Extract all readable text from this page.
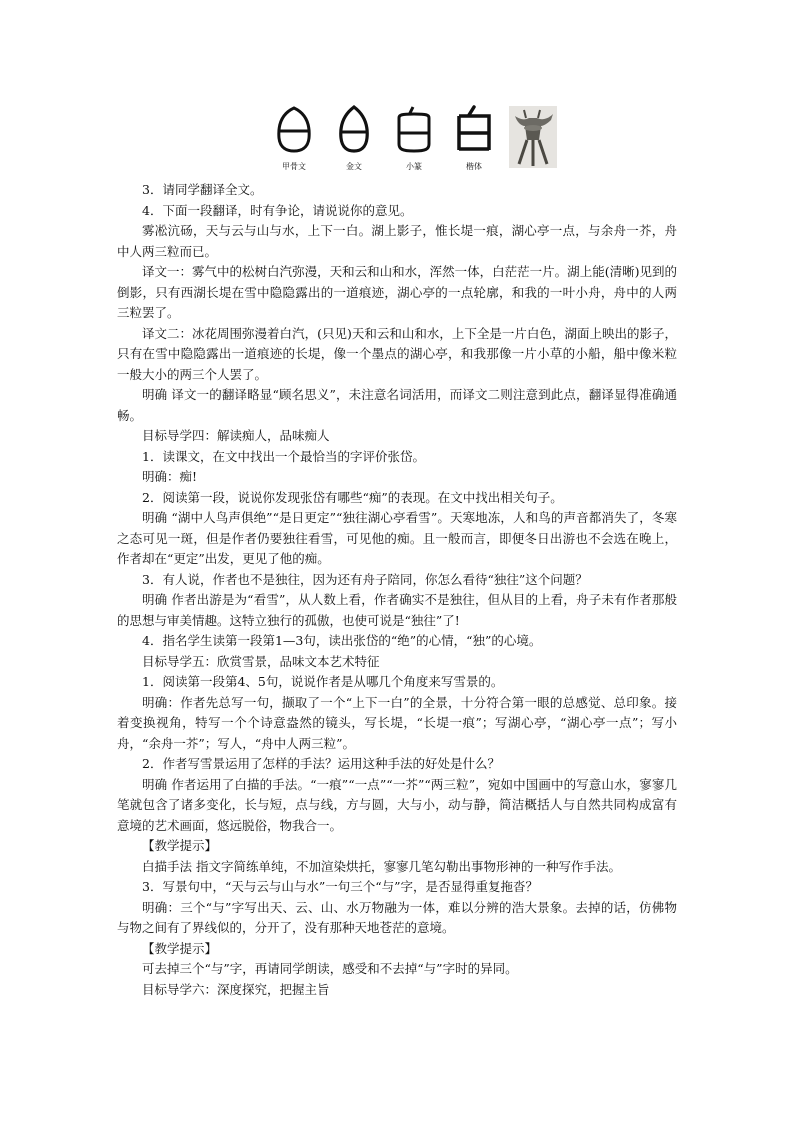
甲骨文	金文	小篆	楷体

3．请同学翻译全文。

4．下面一段翻译，时有争论，请说说你的意见。

雾凇沆砀，天与云与山与水，上下一白。湖上影子，惟长堤一痕，湖心亭一点，与余舟一芥，舟中人两三粒而已。

译文一：雾气中的松树白汽弥漫，天和云和山和水，浑然一体，白茫茫一片。湖上能(清晰)见到的倒影，只有西湖长堤在雪中隐隐露出的一道痕迹，湖心亭的一点轮廓，和我的一叶小舟，舟中的人两三粒罢了。

译文二：冰花周围弥漫着白汽，(只见)天和云和山和水，上下全是一片白色，湖面上映出的影子，只有在雪中隐隐露出一道痕迹的长堤，像一个墨点的湖心亭，和我那像一片小草的小船，船中像米粒一般大小的两三个人罢了。

明确 译文一的翻译略显“顾名思义”，未注意名词活用，而译文二则注意到此点，翻译显得准确通畅。

目标导学四：解读痴人，品味痴人

1．读课文，在文中找出一个最恰当的字评价张岱。

明确：痴!

2．阅读第一段，说说你发现张岱有哪些“痴”的表现。在文中找出相关句子。

明确 “湖中人鸟声俱绝”“是日更定”“独往湖心亭看雪”。天寒地冻，人和鸟的声音都消失了，冬寒之态可见一斑，但是作者仍要独往看雪，可见他的痴。且一般而言，即便冬日出游也不会选在晚上，作者却在“更定”出发，更见了他的痴。

3．有人说，作者也不是独往，因为还有舟子陪同，你怎么看待“独往”这个问题？

明确 作者出游是为“看雪”，从人数上看，作者确实不是独往，但从目的上看，舟子未有作者那般的思想与审美情趣。这特立独行的孤傲，也使可说是“独往”了!

4．指名学生读第一段第1—3句，读出张岱的“绝”的心情，“独”的心境。

目标导学五：欣赏雪景，品味文本艺术特征

1．阅读第一段第4、5句，说说作者是从哪几个角度来写雪景的。

明确：作者先总写一句，撷取了一个“上下一白”的全景，十分符合第一眼的总感觉、总印象。接着变换视角，特写一个个诗意盎然的镜头，写长堤，“长堤一痕”；写湖心亭，“湖心亭一点”；写小舟，“余舟一芥”；写人，“舟中人两三粒”。

2．作者写雪景运用了怎样的手法？运用这种手法的好处是什么？

明确 作者运用了白描的手法。“一痕”“一点”“一芥”“两三粒”，宛如中国画中的写意山水，寥寥几笔就包含了诸多变化，长与短，点与线，方与圆，大与小，动与静，简洁概括人与自然共同构成富有意境的艺术画面，悠远脱俗，物我合一。

【教学提示】

白描手法 指文字简练单纯，不加渲染烘托，寥寥几笔勾勒出事物形神的一种写作手法。

3．写景句中，“天与云与山与水”一句三个“与”字，是否显得重复拖沓？

明确：三个“与”字写出天、云、山、水万物融为一体，难以分辨的浩大景象。去掉的话，仿佛物与物之间有了界线似的，分开了，没有那种天地苍茫的意境。

【教学提示】

可去掉三个“与”字，再请同学朗读，感受和不去掉“与”字时的异同。

目标导学六：深度探究，把握主旨
